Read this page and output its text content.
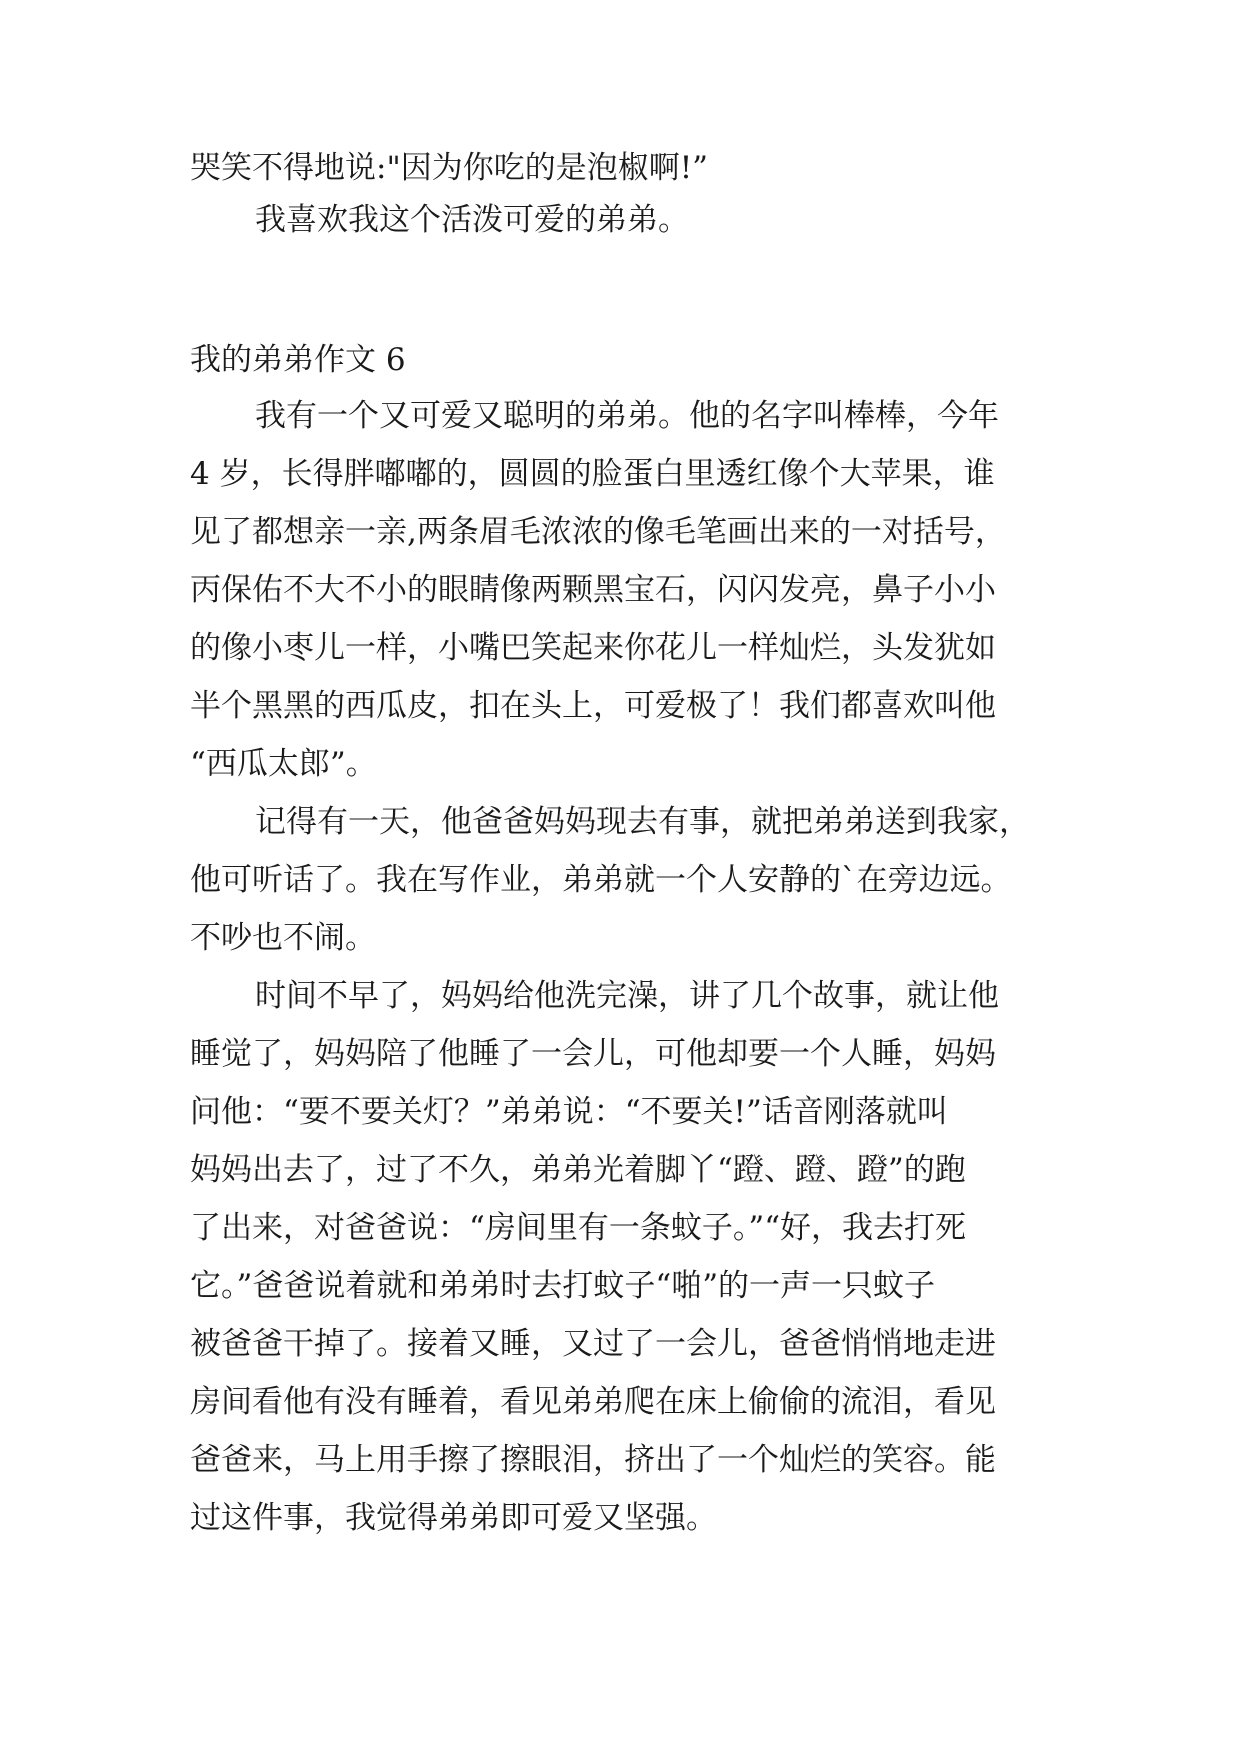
哭笑不得地说:"因为你吃的是泡椒啊!”
我喜欢我这个活泼可爱的弟弟。
我的弟弟作文 6
我有一个又可爱又聪明的弟弟。他的名字叫棒棒，今年
4 岁，长得胖嘟嘟的，圆圆的脸蛋白里透红像个大苹果，谁
见了都想亲一亲,两条眉毛浓浓的像毛笔画出来的一对括号，
丙保佑不大不小的眼睛像两颗黑宝石，闪闪发亮，鼻子小小
的像小枣儿一样，小嘴巴笑起来你花儿一样灿烂，头发犹如
半个黑黑的西瓜皮，扣在头上，可爱极了！我们都喜欢叫他
“西瓜太郎”。
记得有一天，他爸爸妈妈现去有事，就把弟弟送到我家，
他可听话了。我在写作业，弟弟就一个人安静的`在旁边远。
不吵也不闹。
时间不早了，妈妈给他洗完澡，讲了几个故事，就让他
睡觉了，妈妈陪了他睡了一会儿，可他却要一个人睡，妈妈
问他：“要不要关灯？”弟弟说：“不要关!”话音刚落就叫
妈妈出去了，过了不久，弟弟光着脚丫“蹬、蹬、蹬”的跑
了出来，对爸爸说：“房间里有一条蚊子。”“好，我去打死
它。”爸爸说着就和弟弟时去打蚊子“啪”的一声一只蚊子
被爸爸干掉了。接着又睡，又过了一会儿，爸爸悄悄地走进
房间看他有没有睡着，看见弟弟爬在床上偷偷的流泪，看见
爸爸来，马上用手擦了擦眼泪，挤出了一个灿烂的笑容。能
过这件事，我觉得弟弟即可爱又坚强。
